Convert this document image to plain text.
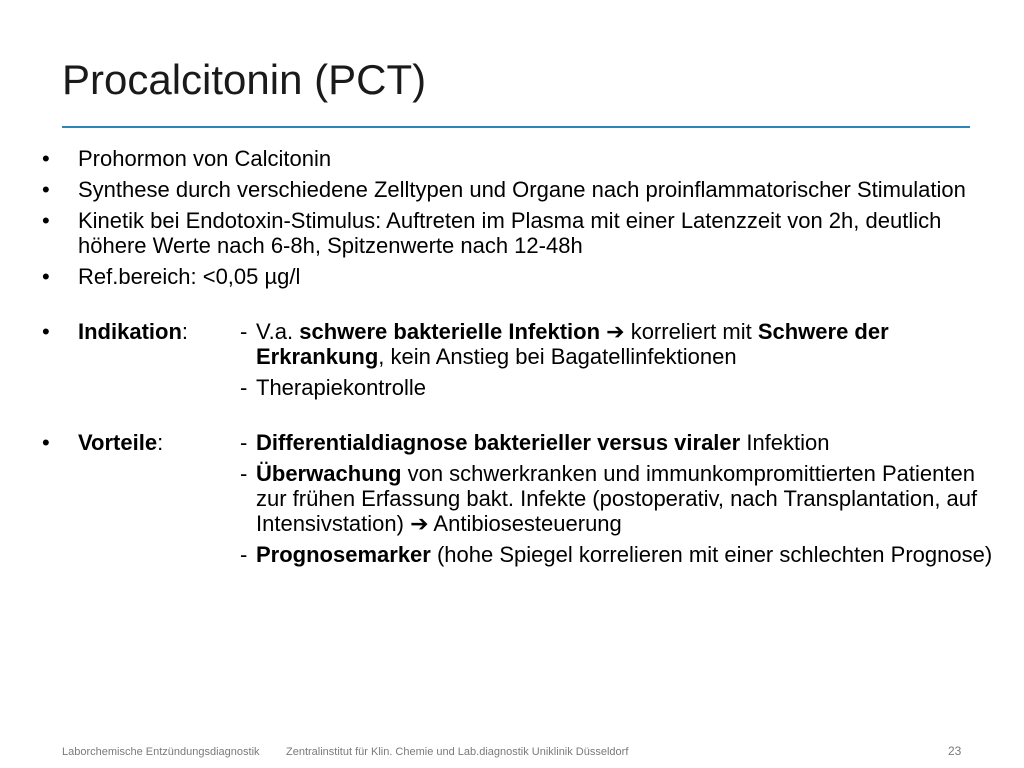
Procalcitonin (PCT)
• Prohormon von Calcitonin
• Synthese durch verschiedene Zelltypen und Organe nach proinflammatorischer Stimulation
• Kinetik bei Endotoxin-Stimulus: Auftreten im Plasma mit einer Latenzzeit von 2h, deutlich höhere Werte nach 6-8h, Spitzenwerte nach 12-48h
• Ref.bereich: <0,05 µg/l
• Indikation:	- V.a. schwere bakterielle Infektion ➔ korreliert mit Schwere der Erkrankung, kein Anstieg bei Bagatellinfektionen
- Therapiekontrolle
• Vorteile:	- Differentialdiagnose bakterieller versus viraler Infektion
- Überwachung von schwerkranken und immunkompromittierten Patienten zur frühen Erfassung bakt. Infekte (postoperativ, nach Transplantation, auf Intensivstation) ➔ Antibiosesteuerung
- Prognosemarker (hohe Spiegel korrelieren mit einer schlechten Prognose)
Laborchemische Entzündungsdiagnostik Zentralinstitut für Klin. Chemie und Lab.diagnostik Uniklinik Düsseldorf	23
